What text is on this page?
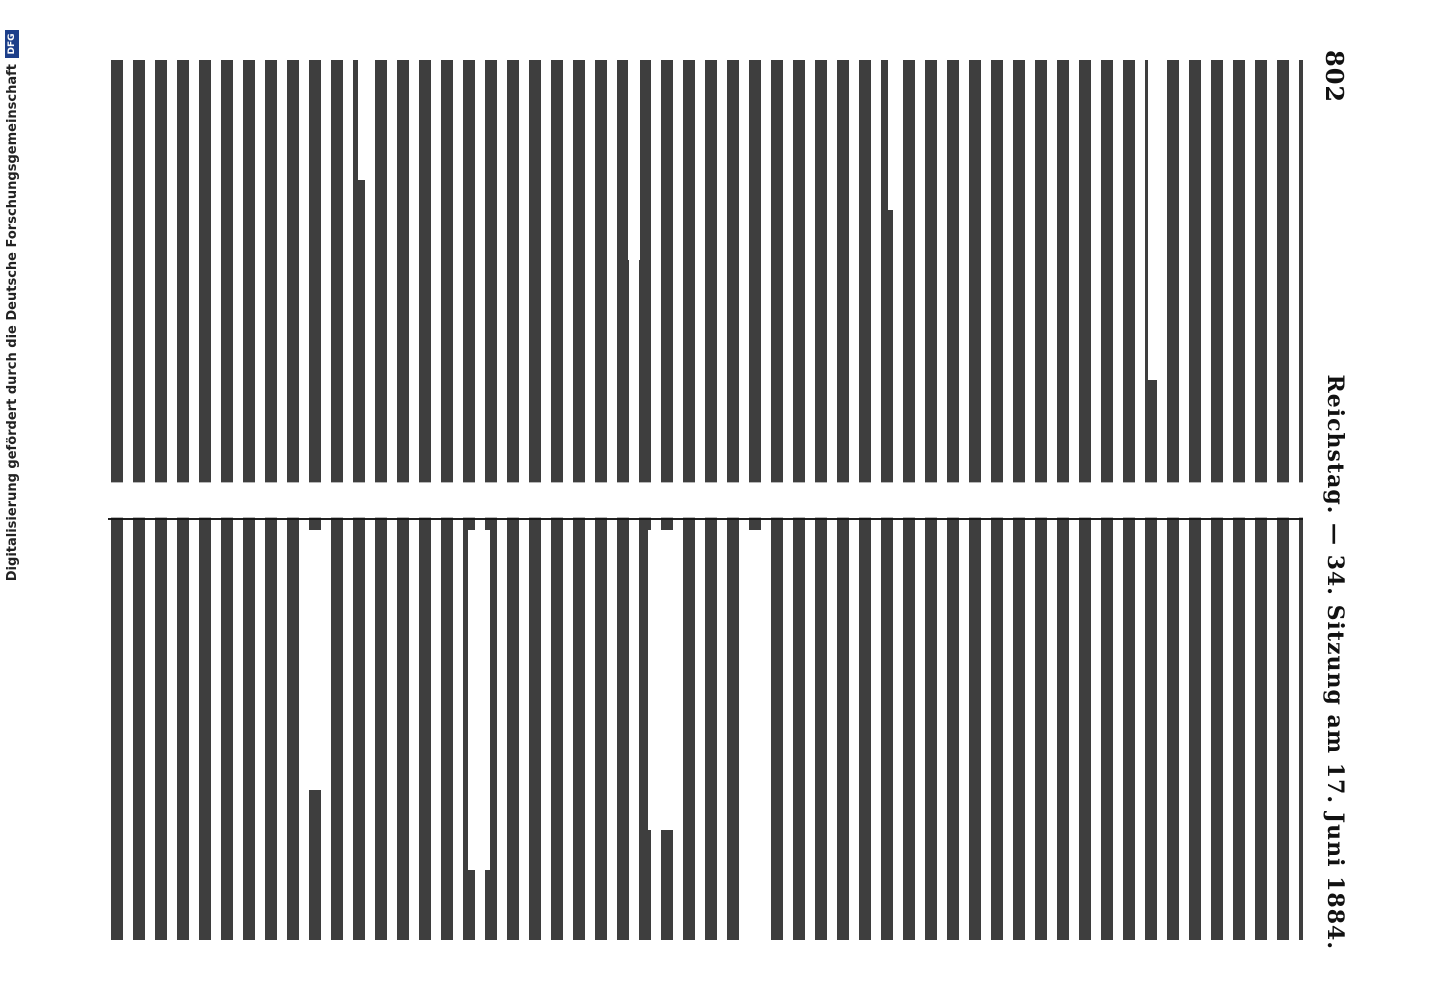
802
Reichstag. — 34. Sitzung am 17. Juni 1884.
Digitalisierung gefördert durch die Deutsche Forschungsgemeinschaft
DFG
